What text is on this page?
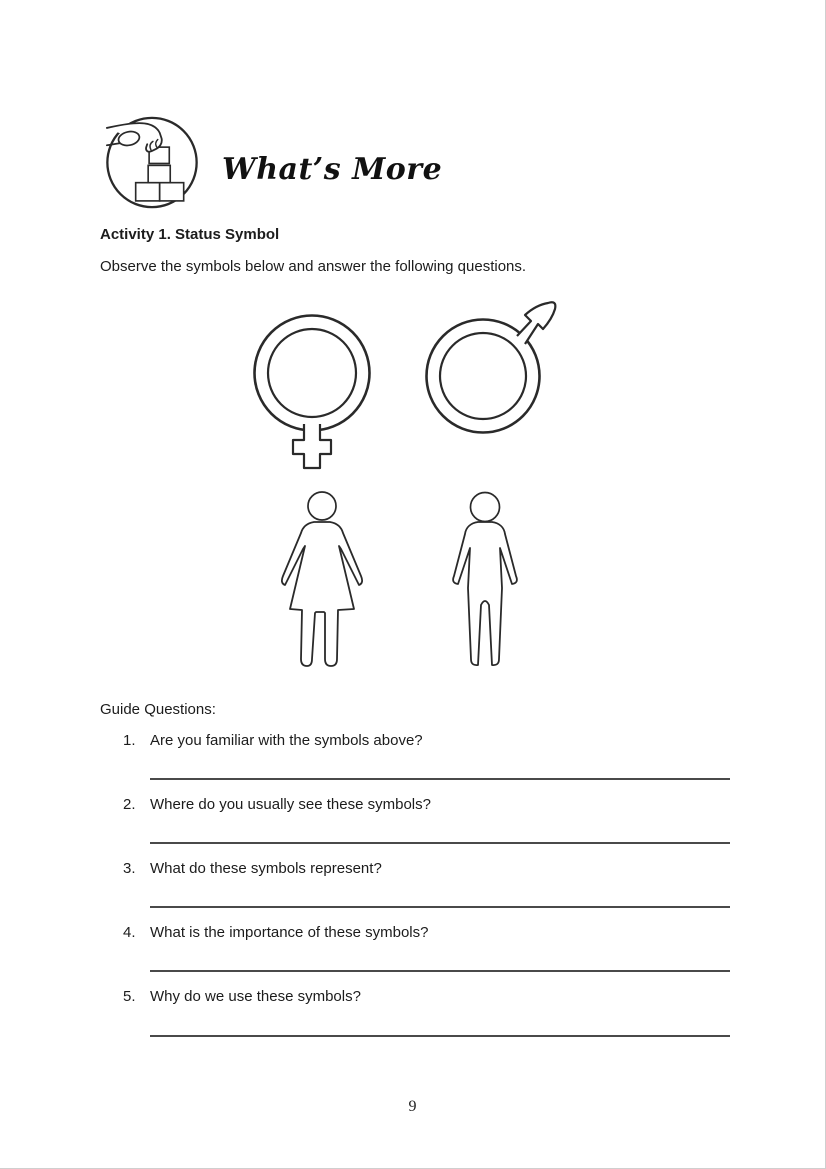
What’s More
Activity 1. Status Symbol
Observe the symbols below and answer the following questions.
Guide Questions:
1. Are you familiar with the symbols above?
2. Where do you usually see these symbols?
3. What do these symbols represent?
4. What is the importance of these symbols?
5. Why do we use these symbols?
9
